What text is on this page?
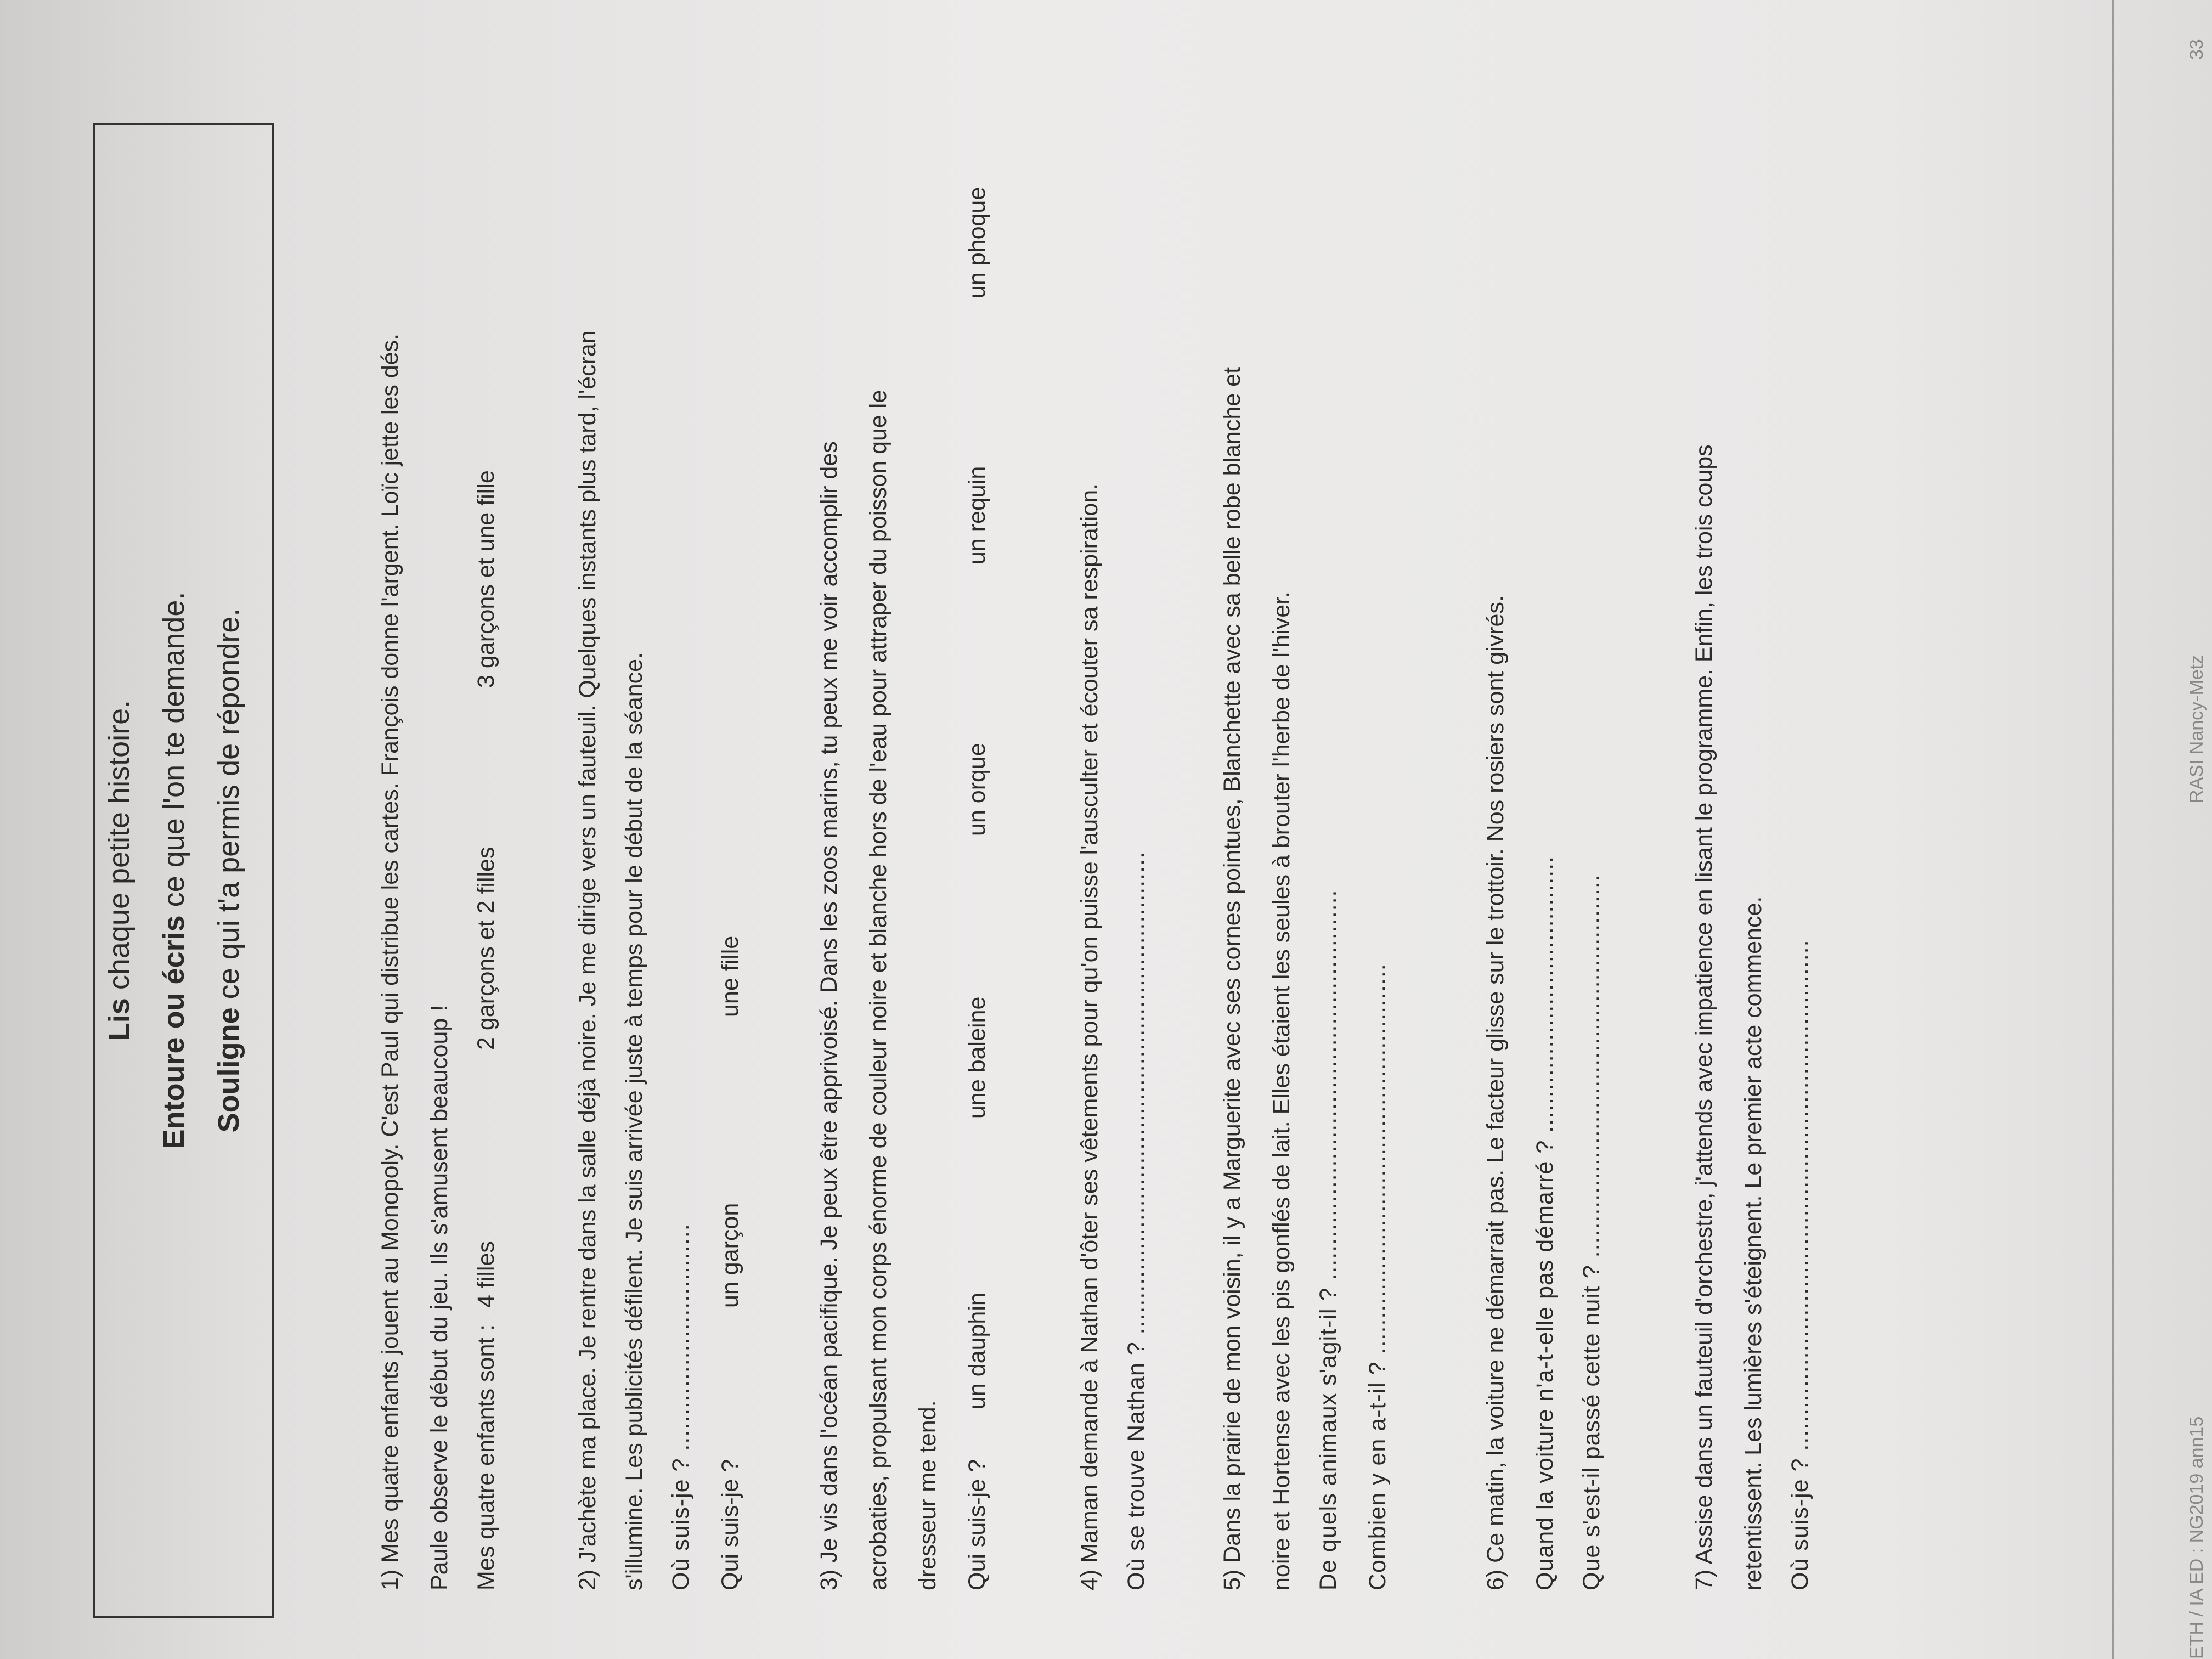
Lis chaque petite histoire.
Entoure ou écris ce que l'on te demande.
Souligne ce qui t'a permis de répondre.	1) Mes quatre enfants jouent au Monopoly. C'est Paul qui distribue les cartes. François donne l'argent. Loïc jette les dés. Paule observe le début du jeu. Ils s'amusent beaucoup ! Mes quatre enfants sont :
4 filles
2 garçons et 2 filles
3 garçons et une fille	2) J'achète ma place. Je rentre dans la salle déjà noire. Je me dirige vers un fauteuil. Quelques instants plus tard, l'écran s'illumine. Les publicités défilent. Je suis arrivée juste à temps pour le début de la séance. Où suis-je ? ................................ Qui suis-je ?
un garçon
une fille	3) Je vis dans l'océan pacifique. Je peux être apprivoisé. Dans les zoos marins, tu peux me voir accomplir des acrobaties, propulsant mon corps énorme de couleur noire et blanche hors de l'eau pour attraper du poisson que le dresseur me tend. Qui suis-je ?
un dauphin
une baleine
un orque
un requin
un phoque
4) Maman demande à Nathan d'ôter ses vêtements pour qu'on puisse l'ausculter et écouter sa respiration. Où se trouve Nathan ? ....................................................................	5) Dans la prairie de mon voisin, il y a Marguerite avec ses cornes pointues, Blanchette avec sa belle robe blanche et noire et Hortense avec les pis gonflés de lait. Elles étaient les seules à brouter l'herbe de l'hiver. De quels animaux s'agit-il ? ....................................................... Combien y en a-t-il ? .......................................................	6) Ce matin, la voiture ne démarrait pas. Le facteur glisse sur le trottoir. Nos rosiers sont givrés. Quand la voiture n'a-t-elle pas démarré ? ....................................... Que s'est-il passé cette nuit ? ......................................................	7) Assise dans un fauteuil d'orchestre, j'attends avec impatience en lisant le programme. Enfin, les trois coups retentissent. Les lumières s'éteignent. Le premier acte commence. Où suis-je ? ........................................................................	ETH / IA ED : NG2019 ann15
RASI Nancy-Metz
33
